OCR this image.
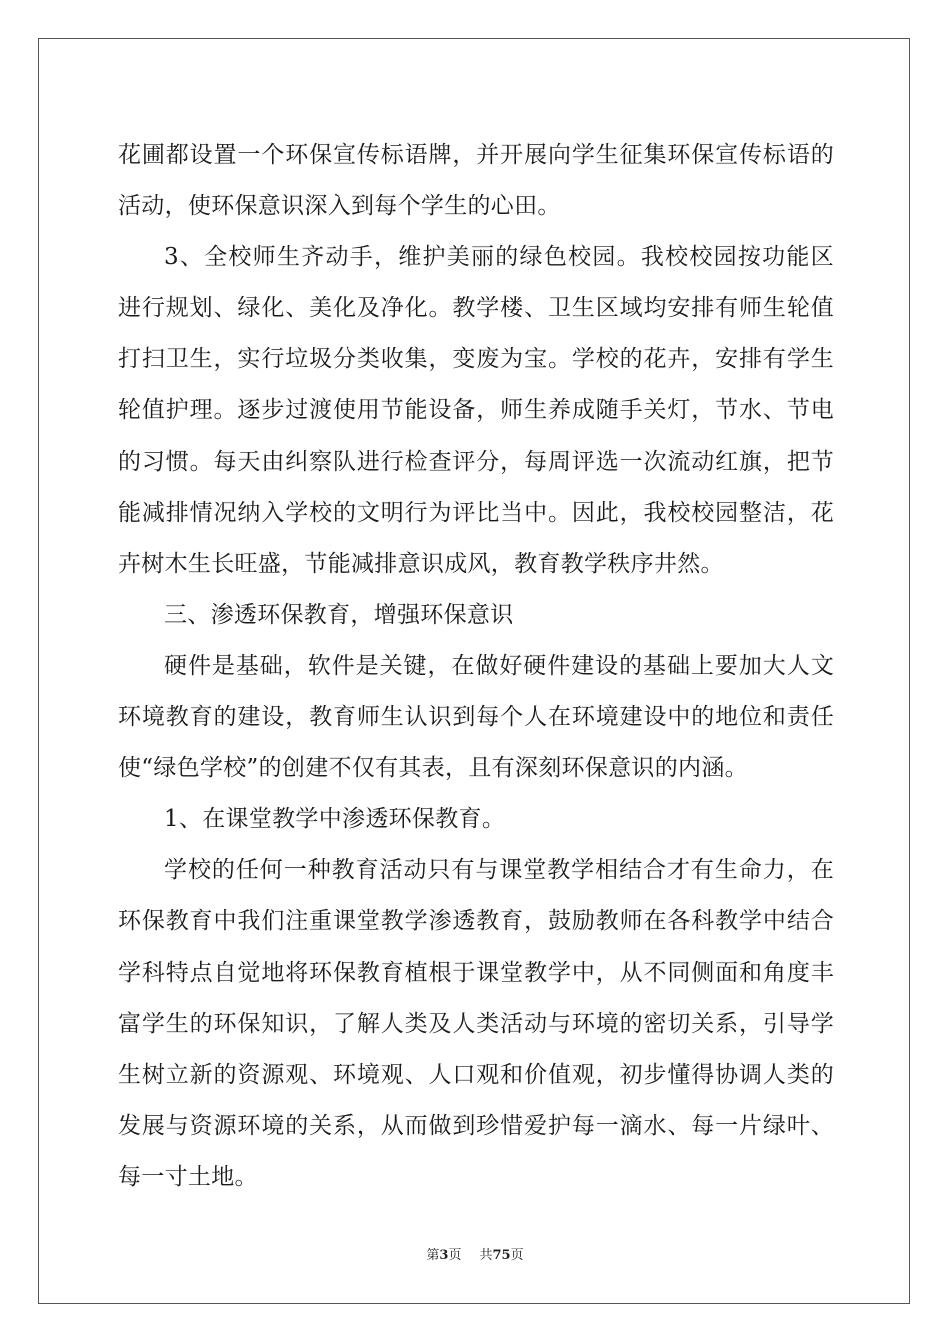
花圃都设置一个环保宣传标语牌，并开展向学生征集环保宣传标语的
活动，使环保意识深入到每个学生的心田。
3、全校师生齐动手，维护美丽的绿色校园。我校校园按功能区
进行规划、绿化、美化及净化。教学楼、卫生区域均安排有师生轮值
打扫卫生，实行垃圾分类收集，变废为宝。学校的花卉，安排有学生
轮值护理。逐步过渡使用节能设备，师生养成随手关灯，节水、节电
的习惯。每天由纠察队进行检查评分，每周评选一次流动红旗，把节
能减排情况纳入学校的文明行为评比当中。因此，我校校园整洁，花
卉树木生长旺盛，节能减排意识成风，教育教学秩序井然。
三、渗透环保教育，增强环保意识
硬件是基础，软件是关键，在做好硬件建设的基础上要加大人文
环境教育的建设，教育师生认识到每个人在环境建设中的地位和责任
使“绿色学校”的创建不仅有其表，且有深刻环保意识的内涵。
1、在课堂教学中渗透环保教育。
学校的任何一种教育活动只有与课堂教学相结合才有生命力，在
环保教育中我们注重课堂教学渗透教育，鼓励教师在各科教学中结合
学科特点自觉地将环保教育植根于课堂教学中，从不同侧面和角度丰
富学生的环保知识，了解人类及人类活动与环境的密切关系，引导学
生树立新的资源观、环境观、人口观和价值观，初步懂得协调人类的
发展与资源环境的关系，从而做到珍惜爱护每一滴水、每一片绿叶、
每一寸土地。
第3页 共75页
